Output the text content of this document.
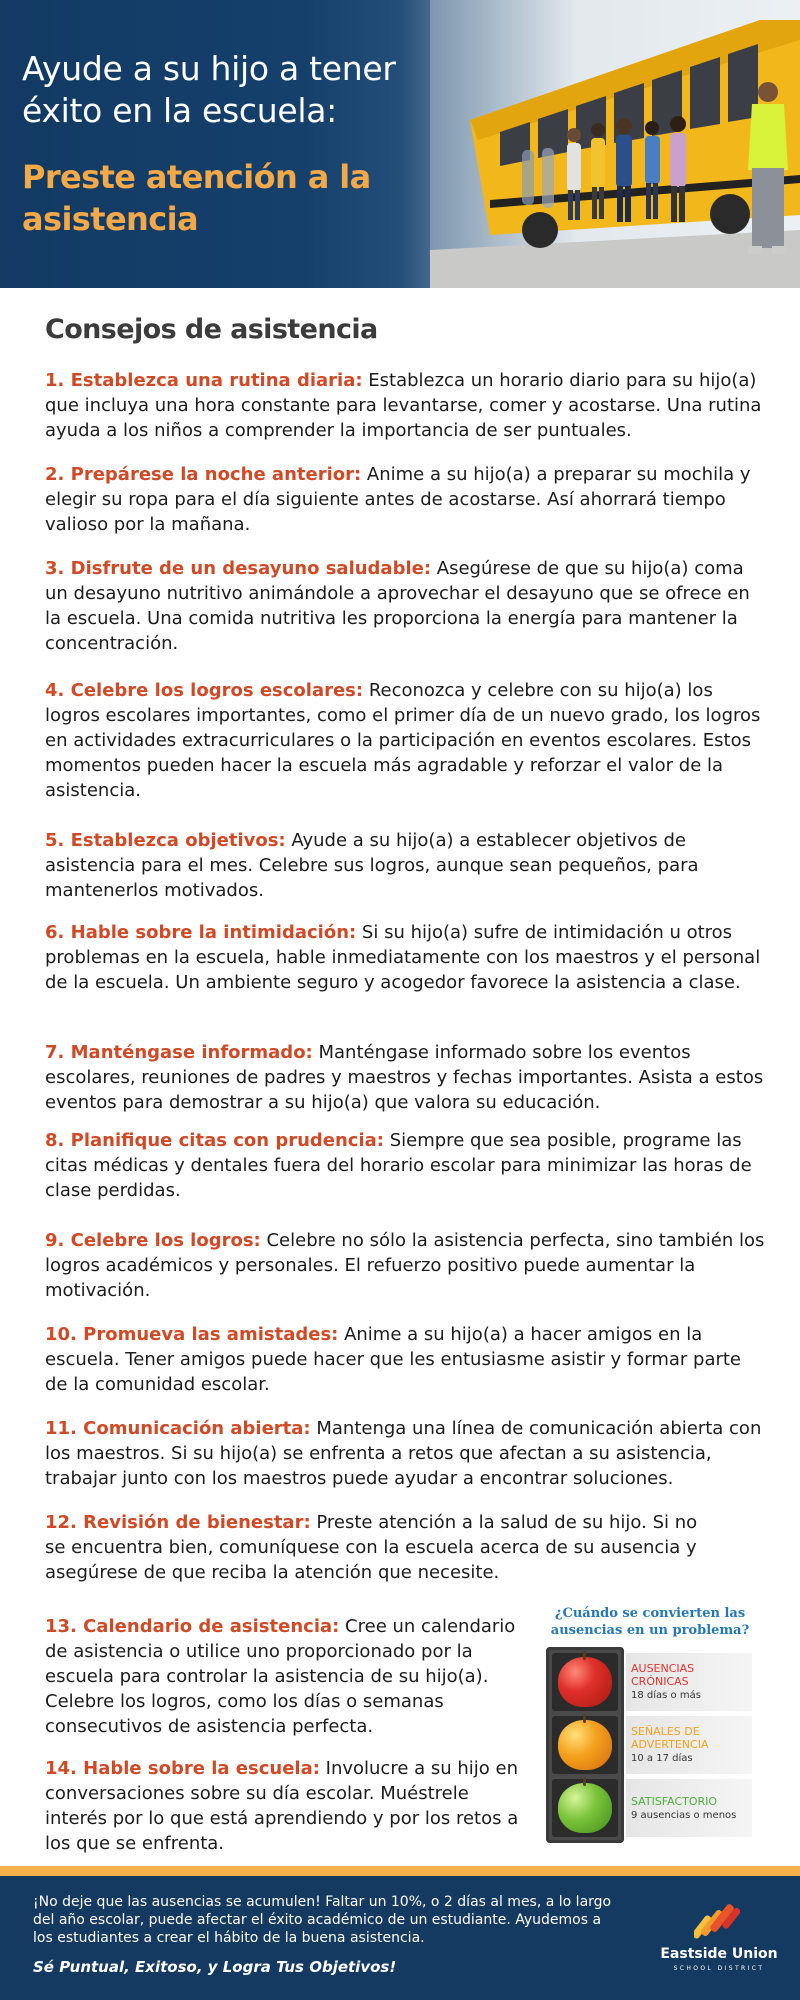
Ayude a su hijo a tener éxito en la escuela:
Preste atención a la asistencia
Consejos de asistencia

1. Establezca una rutina diaria: Establezca un horario diario para su hijo(a) que incluya una hora constante para levantarse, comer y acostarse. Una rutina ayuda a los niños a comprender la importancia de ser puntuales.

2. Prepárese la noche anterior: Anime a su hijo(a) a preparar su mochila y elegir su ropa para el día siguiente antes de acostarse. Así ahorrará tiempo valioso por la mañana.

3. Disfrute de un desayuno saludable: Asegúrese de que su hijo(a) coma un desayuno nutritivo animándole a aprovechar el desayuno que se ofrece en la escuela. Una comida nutritiva les proporciona la energía para mantener la concentración.

4. Celebre los logros escolares: Reconozca y celebre con su hijo(a) los logros escolares importantes, como el primer día de un nuevo grado, los logros en actividades extracurriculares o la participación en eventos escolares. Estos momentos pueden hacer la escuela más agradable y reforzar el valor de la asistencia.

5. Establezca objetivos: Ayude a su hijo(a) a establecer objetivos de asistencia para el mes. Celebre sus logros, aunque sean pequeños, para mantenerlos motivados.

6. Hable sobre la intimidación: Si su hijo(a) sufre de intimidación u otros problemas en la escuela, hable inmediatamente con los maestros y el personal de la escuela. Un ambiente seguro y acogedor favorece la asistencia a clase.

7. Manténgase informado: Manténgase informado sobre los eventos escolares, reuniones de padres y maestros y fechas importantes. Asista a estos eventos para demostrar a su hijo(a) que valora su educación.

8. Planifique citas con prudencia: Siempre que sea posible, programe las citas médicas y dentales fuera del horario escolar para minimizar las horas de clase perdidas.

9. Celebre los logros: Celebre no sólo la asistencia perfecta, sino también los logros académicos y personales. El refuerzo positivo puede aumentar la motivación.

10. Promueva las amistades: Anime a su hijo(a) a hacer amigos en la escuela. Tener amigos puede hacer que les entusiasme asistir y formar parte de la comunidad escolar.

11. Comunicación abierta: Mantenga una línea de comunicación abierta con los maestros. Si su hijo(a) se enfrenta a retos que afectan a su asistencia, trabajar junto con los maestros puede ayudar a encontrar soluciones.

12. Revisión de bienestar: Preste atención a la salud de su hijo. Si no se encuentra bien, comuníquese con la escuela acerca de su ausencia y asegúrese de que reciba la atención que necesite.

13. Calendario de asistencia: Cree un calendario de asistencia o utilice uno proporcionado por la escuela para controlar la asistencia de su hijo(a). Celebre los logros, como los días o semanas consecutivos de asistencia perfecta.

14. Hable sobre la escuela: Involucre a su hijo en conversaciones sobre su día escolar. Muéstrele interés por lo que está aprendiendo y por los retos a los que se enfrenta.

¿Cuándo se convierten las ausencias en un problema?

AUSENCIAS CRÓNICAS

18 días o más

SEÑALES DE ADVERTENCIA

10 a 17 días

SATISFACTORIO

9 ausencias o menos

¡No deje que las ausencias se acumulen! Faltar un 10%, o 2 días al mes, a lo largo del año escolar, puede afectar el éxito académico de un estudiante. Ayudemos a los estudiantes a crear el hábito de la buena asistencia.

Sé Puntual, Exitoso, y Logra Tus Objetivos!

Eastside Union

SCHOOL DISTRICT
